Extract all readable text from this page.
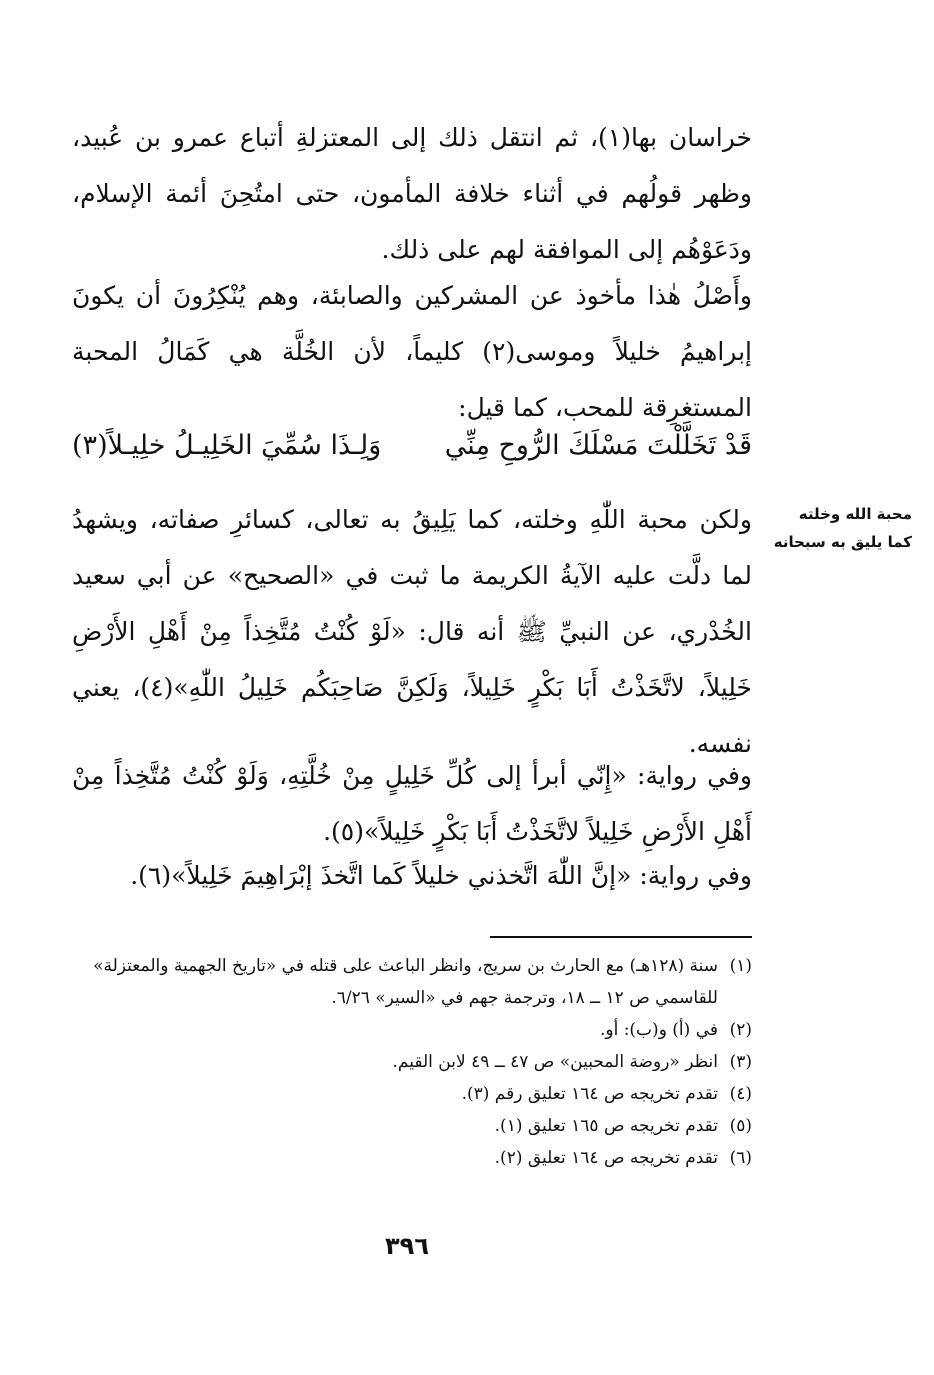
محبة الله وخلته كما يليق به سبحانه

خراسان بها(١)، ثم انتقل ذلك إلى المعتزلةِ أتباع عمرو بن عُبيد، وظهر قولُهم في أثناء خلافة المأمون، حتى امتُحِنَ أئمة الإسلام، ودَعَوْهُم إلى الموافقة لهم على ذلك.

وأَصْلُ هٰذا مأخوذ عن المشركين والصابئة، وهم يُنْكِرُونَ أن يكونَ إبراهيمُ خليلاً وموسى(٢) كليماً، لأن الخُلَّة هي كَمَالُ المحبة المستغرِقة للمحب، كما قيل:

قَدْ تَخَلَّلْتَ مَسْلَكَ الرُّوحِ مِنِّي
وَلِـذَا سُمِّيَ الخَلِيـلُ خلِيـلاً(٣)

ولكن محبة اللّٰهِ وخلته، كما يَلِيقُ به تعالى، كسائرِ صفاته، ويشهدُ لما دلَّت عليه الآيةُ الكريمة ما ثبت في «الصحيح» عن أبي سعيد الخُدْري، عن النبيِّ ﷺ أنه قال: «لَوْ كُنْتُ مُتَّخِذاً مِنْ أَهْلِ الأَرْضِ خَلِيلاً، لاتَّخَذْتُ أَبَا بَكْرٍ خَلِيلاً، وَلَكِنَّ صَاحِبَكُم خَلِيلُ اللّٰهِ»(٤)، يعني نفسه.

وفي رواية: «إِنّي أبرأ إلى كُلِّ خَلِيلٍ مِنْ خُلَّتِهِ، وَلَوْ كُنْتُ مُتَّخِذاً مِنْ أَهْلِ الأَرْضِ خَلِيلاً لاتَّخَذْتُ أَبَا بَكْرٍ خَلِيلاً»(٥).

وفي رواية: «إنَّ اللّٰهَ اتَّخذني خليلاً كَما اتَّخذَ إبْرَاهِيمَ خَلِيلاً»(٦).

(١)
سنة (١٢٨هـ) مع الحارث بن سريج، وانظر الباعث على قتله في «تاريخ الجهمية والمعتزلة» للقاسمي ص ١٢ ــ ١٨، وترجمة جهم في «السير» ٦/٢٦.

(٢)
في (أ) و(ب): أو.

(٣)
انظر «روضة المحبين» ص ٤٧ ــ ٤٩ لابن القيم.

(٤)
تقدم تخريجه ص ١٦٤ تعليق رقم (٣).

(٥)
تقدم تخريجه ص ١٦٥ تعليق (١).

(٦)
تقدم تخريجه ص ١٦٤ تعليق (٢).

٣٩٦
